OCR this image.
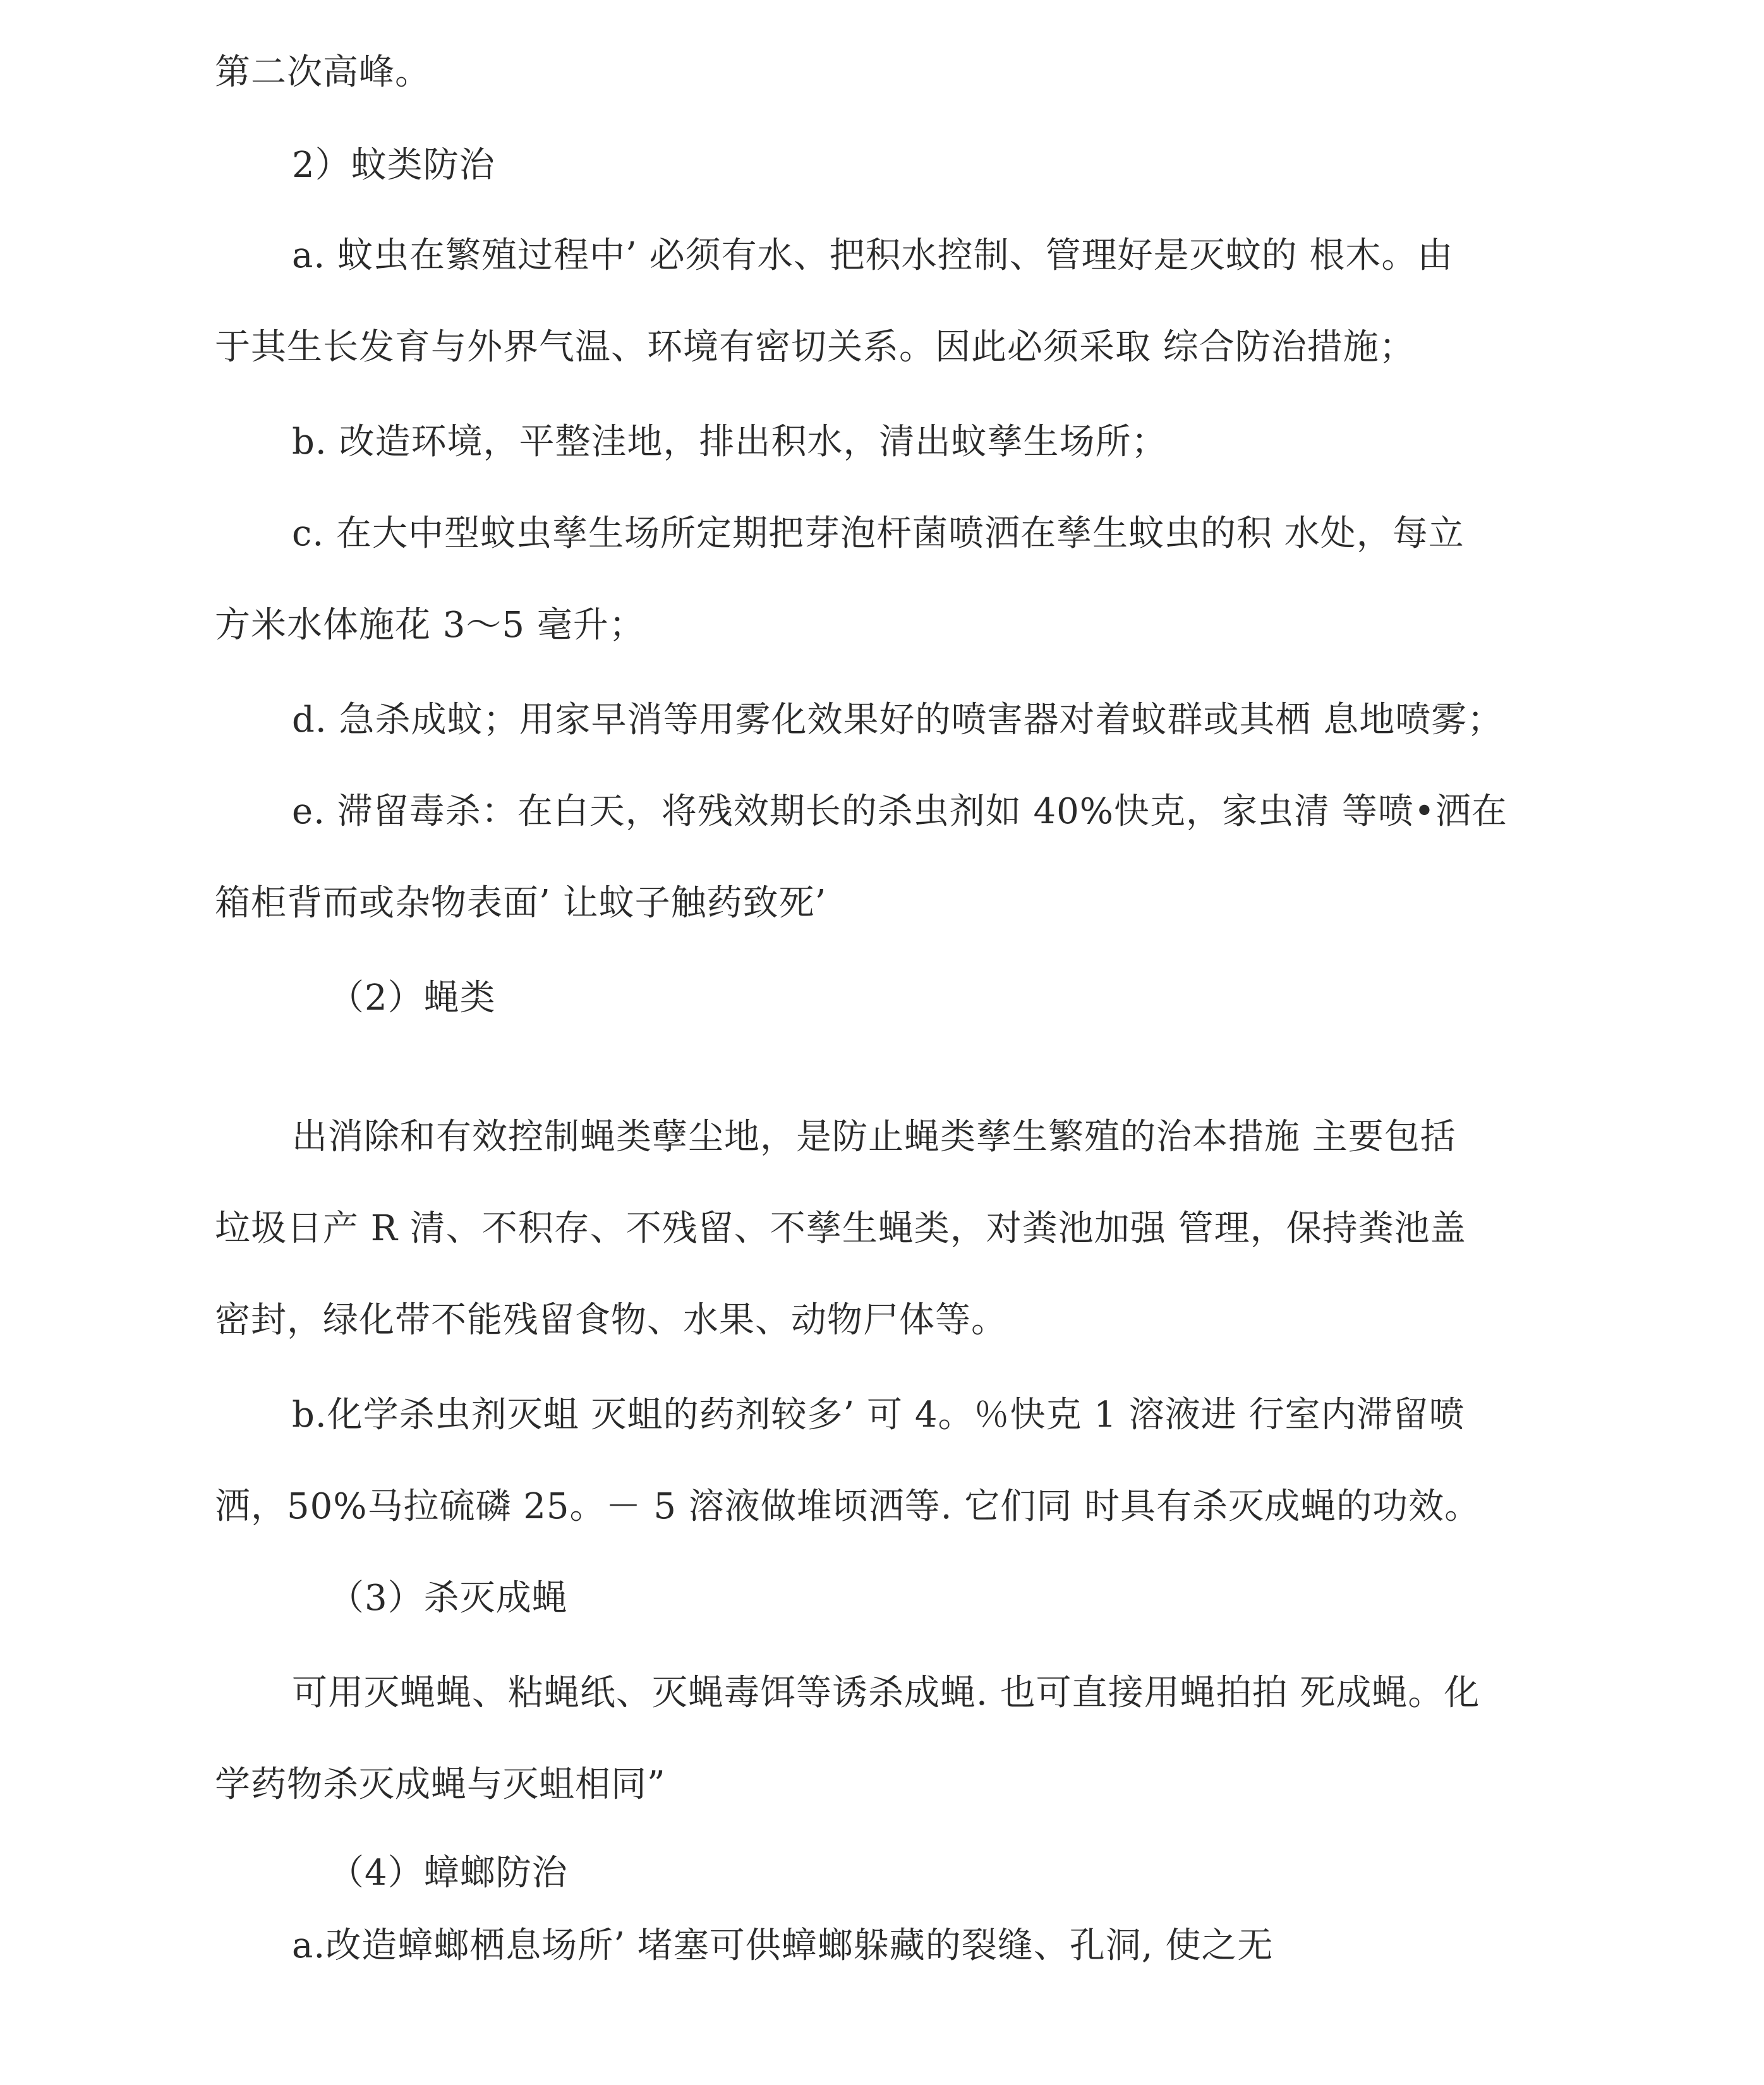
第二次高峰。
2）蚊类防治
a. 蚊虫在繁殖过程中’ 必须有水、把积水控制、管理好是灭蚊的 根木。由
于其生长发育与外界气温、环境有密切关系。因此必须采取 综合防治措施；
b. 改造环境，平整洼地，排出积水，清出蚊孳生场所；
c. 在大中型蚊虫孳生场所定期把芽泡杆菌喷洒在孳生蚊虫的积 水处，每立
方米水体施花 3〜5 毫升；
d. 急杀成蚊；用家早消等用雾化效果好的喷害器对着蚊群或其栖 息地喷雾；
e. 滞留毒杀：在白天，将残效期长的杀虫剂如 40%快克，家虫清 等喷•洒在
箱柜背而或杂物表面’ 让蚊子触药致死’
（2）蝇类
出消除和有效控制蝇类孽尘地，是防止蝇类孳生繁殖的治本措施 主要包括
垃圾日产 R 清、不积存、不残留、不孳生蝇类，对粪池加强 管理，保持粪池盖
密封，绿化带不能残留食物、水果、动物尸体等。
b.化学杀虫剂灭蛆 灭蛆的药剂较多’ 可 4。％快克 1 溶液进 行室内滞留喷
洒，50%马拉硫磷 25。－ 5 溶液做堆顷洒等. 它们同 时具有杀灭成蝇的功效。
（3）杀灭成蝇
可用灭蝇蝇、粘蝇纸、灭蝇毒饵等诱杀成蝇. 也可直接用蝇拍拍 死成蝇。化
学药物杀灭成蝇与灭蛆相同”
（4）蟑螂防治
a.改造蟑螂栖息场所’ 堵塞可供蟑螂躲藏的裂缝、孔洞, 使之无
